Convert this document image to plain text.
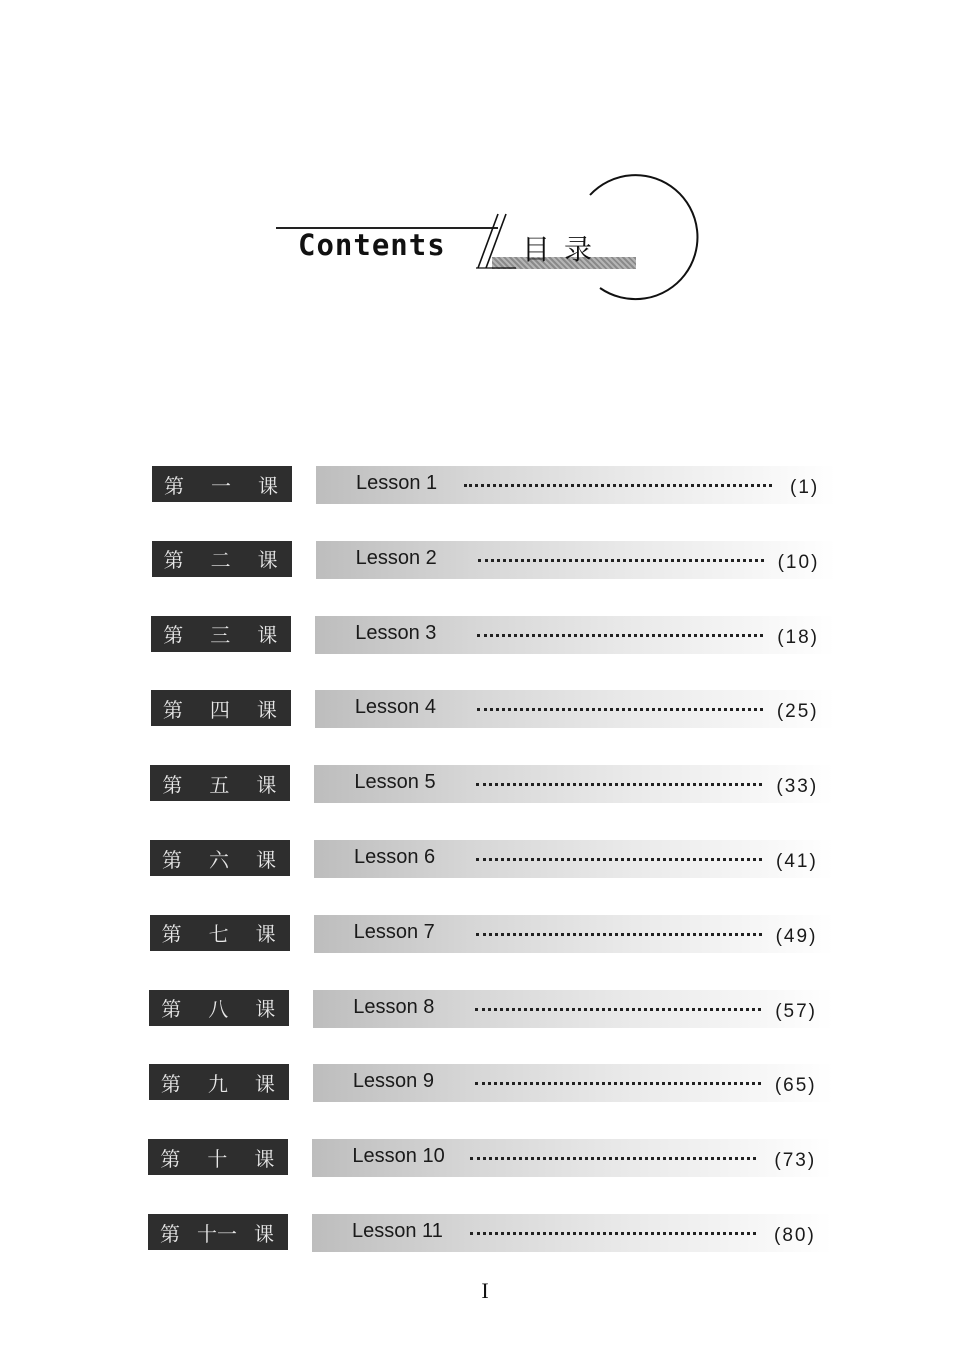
Contents	目录
第 一 课	Lesson 1	(1)
第 二 课	Lesson 2	(10)
第 三 课	Lesson 3	(18)
第 四 课	Lesson 4	(25)
第 五 课	Lesson 5	(33)
第 六 课	Lesson 6	(41)
第 七 课	Lesson 7	(49)
第 八 课	Lesson 8	(57)
第 九 课	Lesson 9	(65)
第 十 课	Lesson 10	(73)
第 十一 课	Lesson 11	(80)
I
